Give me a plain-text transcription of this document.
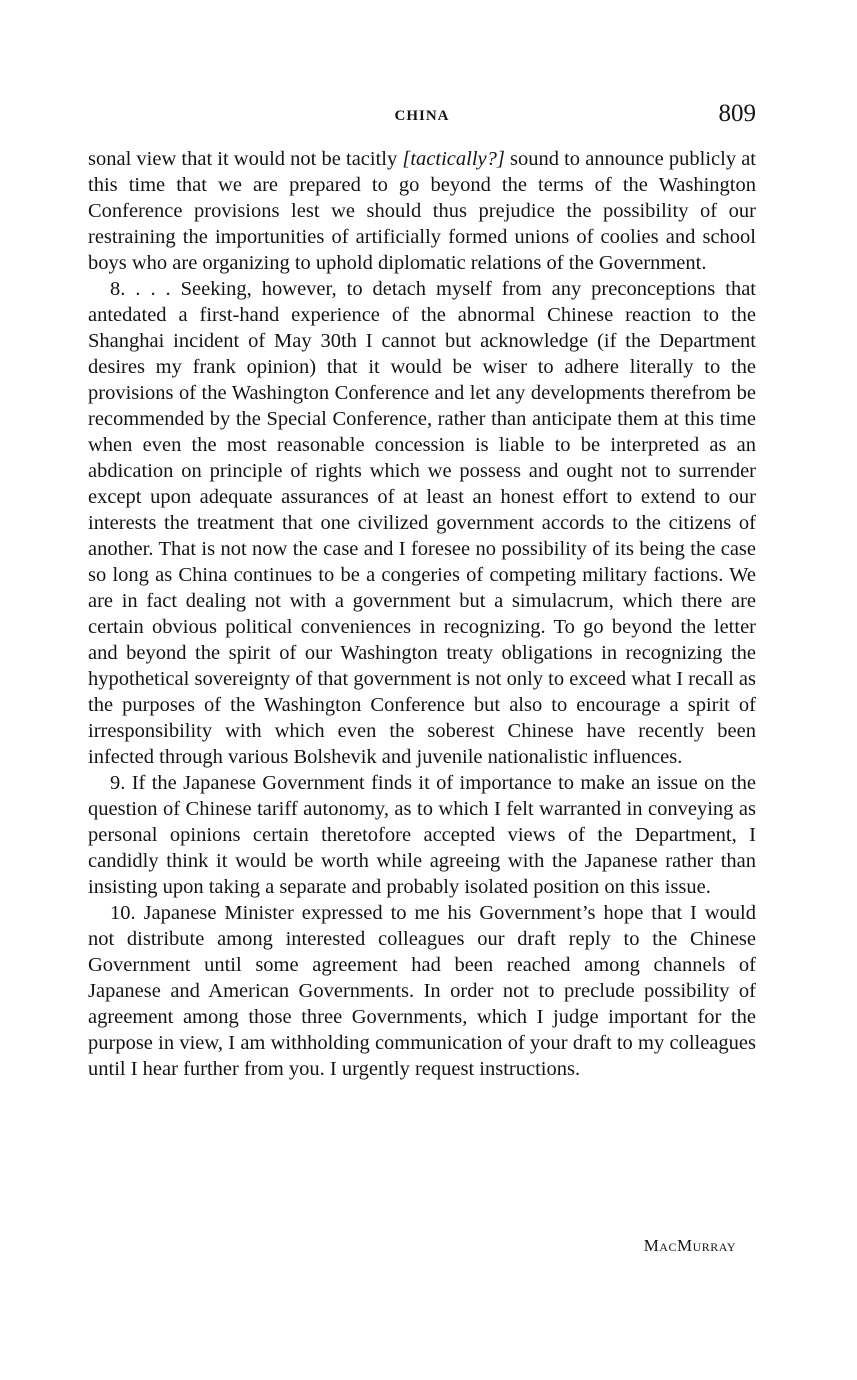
CHINA	809

sonal view that it would not be tacitly [tactically?] sound to announce publicly at this time that we are prepared to go beyond the terms of the Washington Conference provisions lest we should thus prejudice the possibility of our restraining the importunities of artificially formed unions of coolies and school boys who are organizing to uphold diplomatic relations of the Government.

8. . . . Seeking, however, to detach myself from any preconceptions that antedated a first-hand experience of the abnormal Chinese reaction to the Shanghai incident of May 30th I cannot but acknowledge (if the Department desires my frank opinion) that it would be wiser to adhere literally to the provisions of the Washington Conference and let any developments therefrom be recommended by the Special Conference, rather than anticipate them at this time when even the most reasonable concession is liable to be interpreted as an abdication on principle of rights which we possess and ought not to surrender except upon adequate assurances of at least an honest effort to extend to our interests the treatment that one civilized government accords to the citizens of another. That is not now the case and I foresee no possibility of its being the case so long as China continues to be a congeries of competing military factions. We are in fact dealing not with a government but a simulacrum, which there are certain obvious political conveniences in recognizing. To go beyond the letter and beyond the spirit of our Washington treaty obligations in recognizing the hypothetical sovereignty of that government is not only to exceed what I recall as the purposes of the Washington Conference but also to encourage a spirit of irresponsibility with which even the soberest Chinese have recently been infected through various Bolshevik and juvenile nationalistic influences.

9. If the Japanese Government finds it of importance to make an issue on the question of Chinese tariff autonomy, as to which I felt warranted in conveying as personal opinions certain theretofore accepted views of the Department, I candidly think it would be worth while agreeing with the Japanese rather than insisting upon taking a separate and probably isolated position on this issue.

10. Japanese Minister expressed to me his Government’s hope that I would not distribute among interested colleagues our draft reply to the Chinese Government until some agreement had been reached among channels of Japanese and American Governments. In order not to preclude possibility of agreement among those three Governments, which I judge important for the purpose in view, I am withholding communication of your draft to my colleagues until I hear further from you. I urgently request instructions.

MacMurray
